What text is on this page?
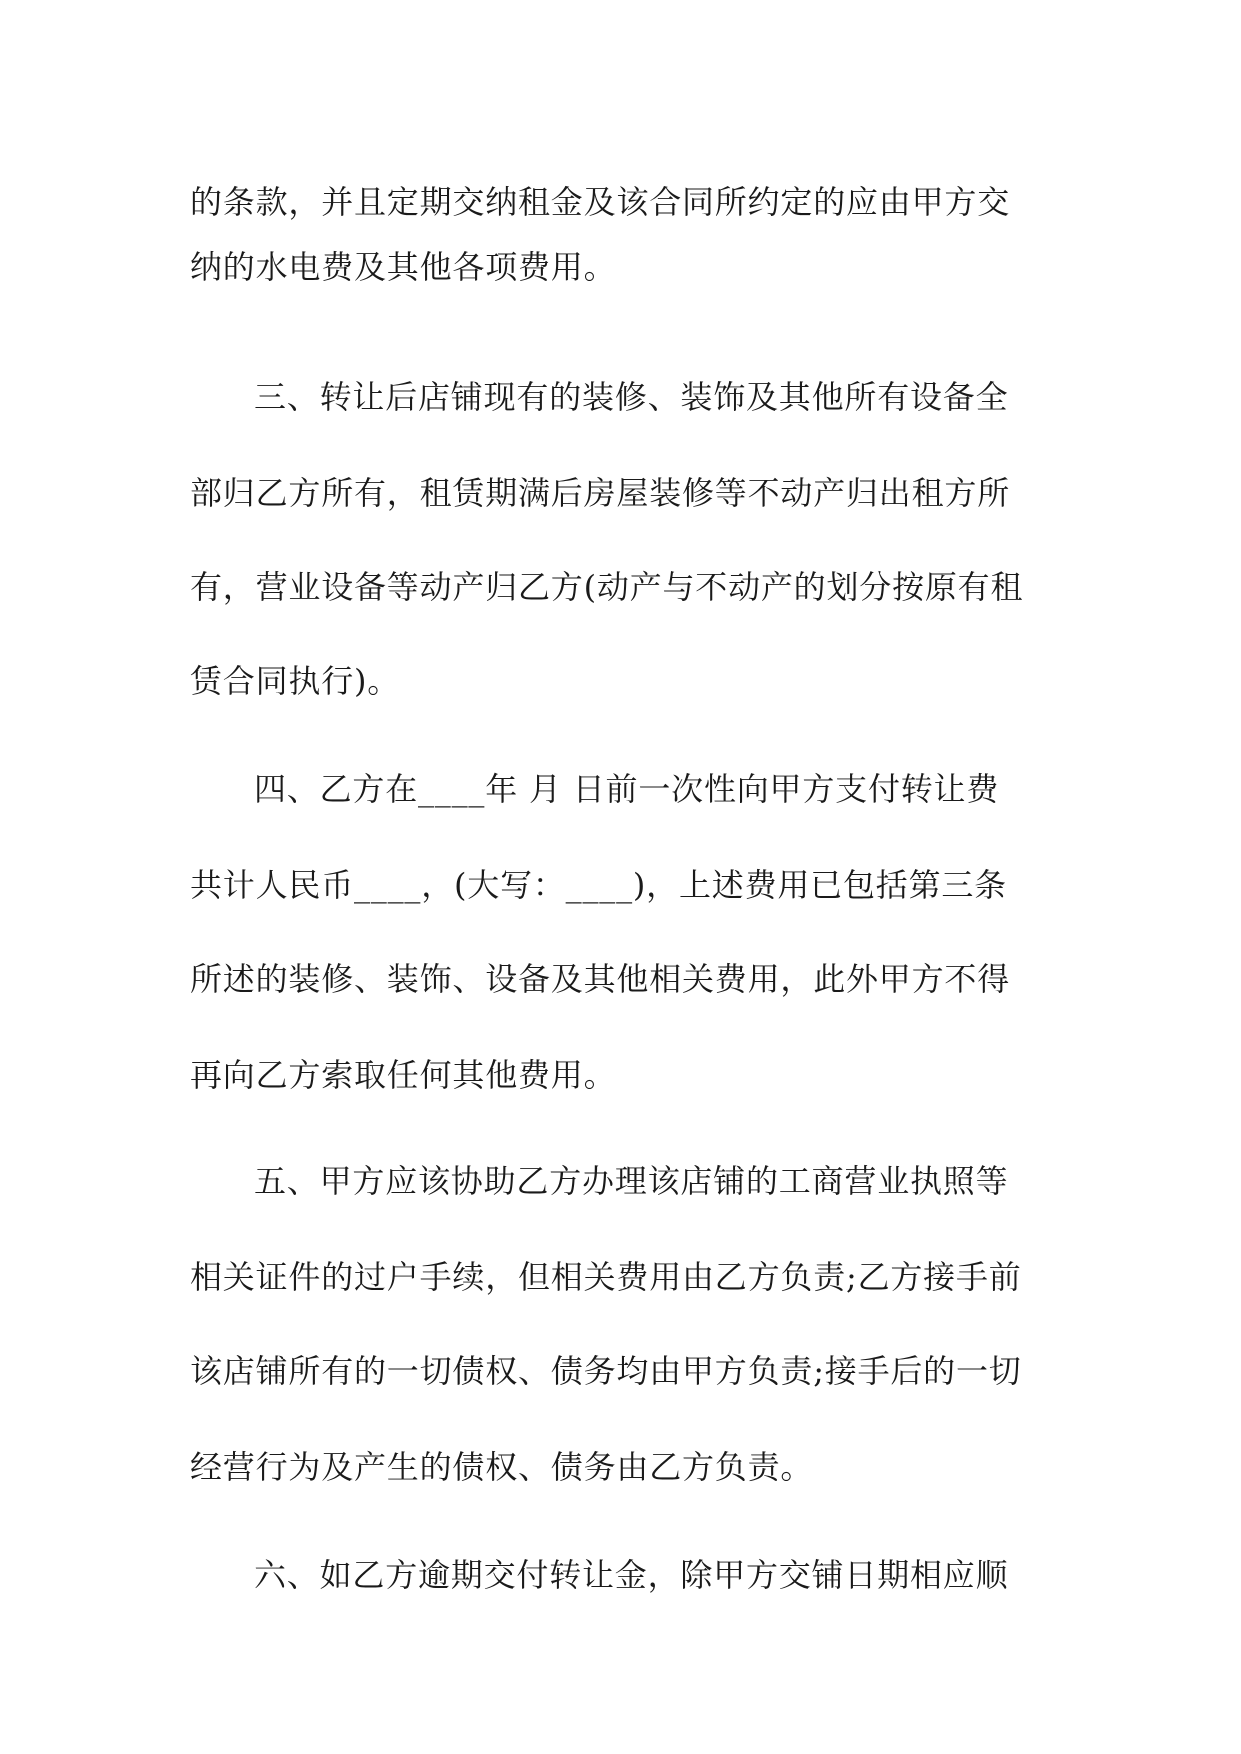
的条款，并且定期交纳租金及该合同所约定的应由甲方交
纳的水电费及其他各项费用。
三、转让后店铺现有的装修、装饰及其他所有设备全
部归乙方所有，租赁期满后房屋装修等不动产归出租方所
有，营业设备等动产归乙方(动产与不动产的划分按原有租
赁合同执行)。
四、乙方在____年 月 日前一次性向甲方支付转让费
共计人民币____，(大写：____)，上述费用已包括第三条
所述的装修、装饰、设备及其他相关费用，此外甲方不得
再向乙方索取任何其他费用。
五、甲方应该协助乙方办理该店铺的工商营业执照等
相关证件的过户手续，但相关费用由乙方负责;乙方接手前
该店铺所有的一切债权、债务均由甲方负责;接手后的一切
经营行为及产生的债权、债务由乙方负责。
六、如乙方逾期交付转让金，除甲方交铺日期相应顺
